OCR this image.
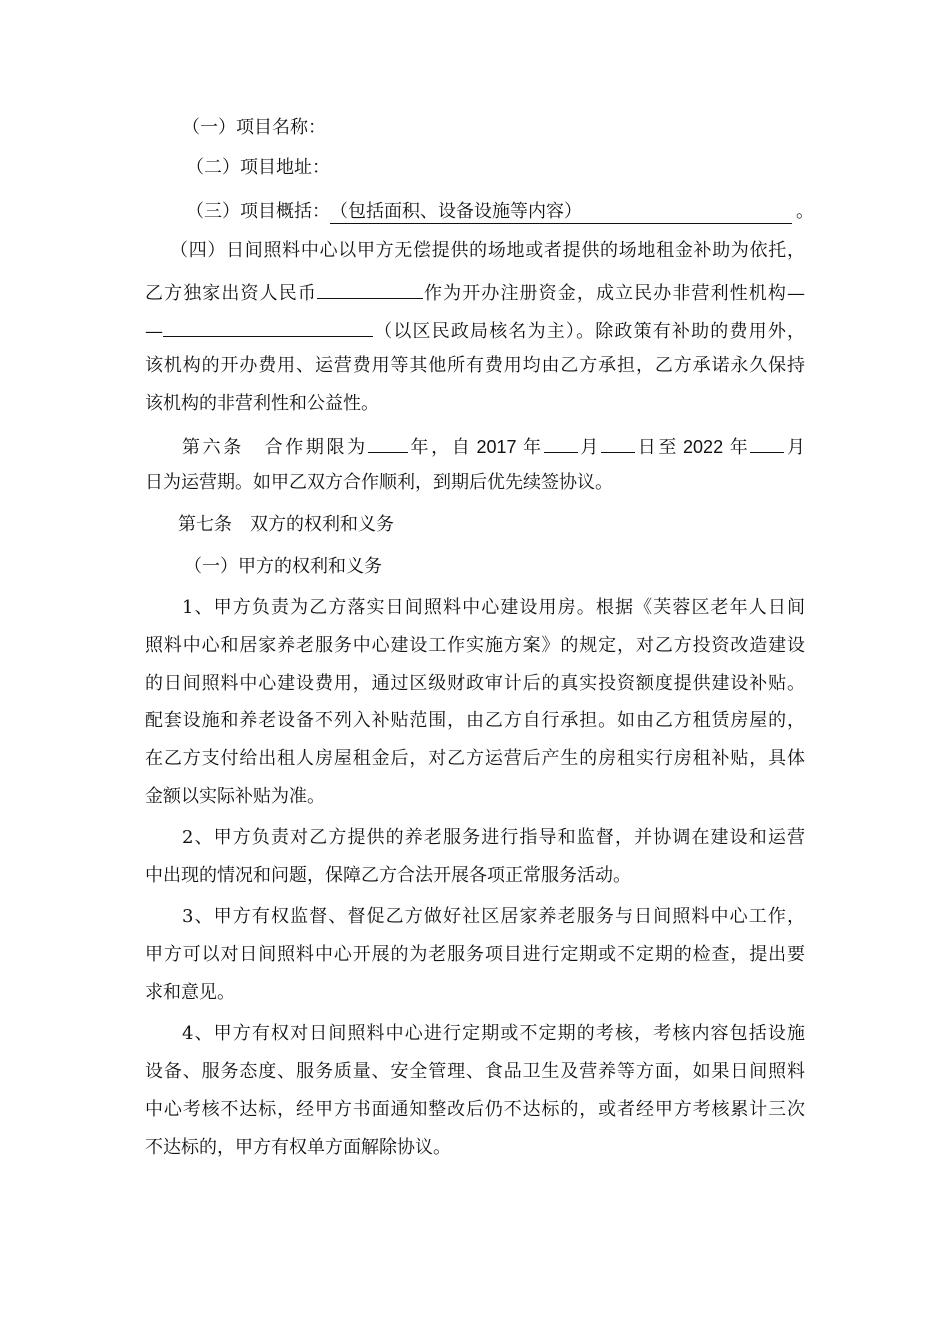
（一）项目名称：
（二）项目地址：
（三）项目概括：（包括面积、设备设施等内容）	。
（四）日间照料中心以甲方无偿提供的场地或者提供的场地租金补助为依托，
乙方独家出资人民币	作为开办注册资金，成立民办非营利性机构—
—	（以区民政局核名为主）。除政策有补助的费用外，
该机构的开办费用、运营费用等其他所有费用均由乙方承担，乙方承诺永久保持
该机构的非营利性和公益性。
第六条　合作期限为 年，自 2017 年 月 日至 2022 年 月
日为运营期。如甲乙双方合作顺利，到期后优先续签协议。
第七条　双方的权利和义务
（一）甲方的权利和义务
1、甲方负责为乙方落实日间照料中心建设用房。根据《芙蓉区老年人日间
照料中心和居家养老服务中心建设工作实施方案》的规定，对乙方投资改造建设
的日间照料中心建设费用，通过区级财政审计后的真实投资额度提供建设补贴。
配套设施和养老设备不列入补贴范围，由乙方自行承担。如由乙方租赁房屋的，
在乙方支付给出租人房屋租金后，对乙方运营后产生的房租实行房租补贴，具体
金额以实际补贴为准。
2、甲方负责对乙方提供的养老服务进行指导和监督，并协调在建设和运营
中出现的情况和问题，保障乙方合法开展各项正常服务活动。
3、甲方有权监督、督促乙方做好社区居家养老服务与日间照料中心工作，
甲方可以对日间照料中心开展的为老服务项目进行定期或不定期的检查，提出要
求和意见。
4、甲方有权对日间照料中心进行定期或不定期的考核，考核内容包括设施
设备、服务态度、服务质量、安全管理、食品卫生及营养等方面，如果日间照料
中心考核不达标，经甲方书面通知整改后仍不达标的，或者经甲方考核累计三次
不达标的，甲方有权单方面解除协议。
